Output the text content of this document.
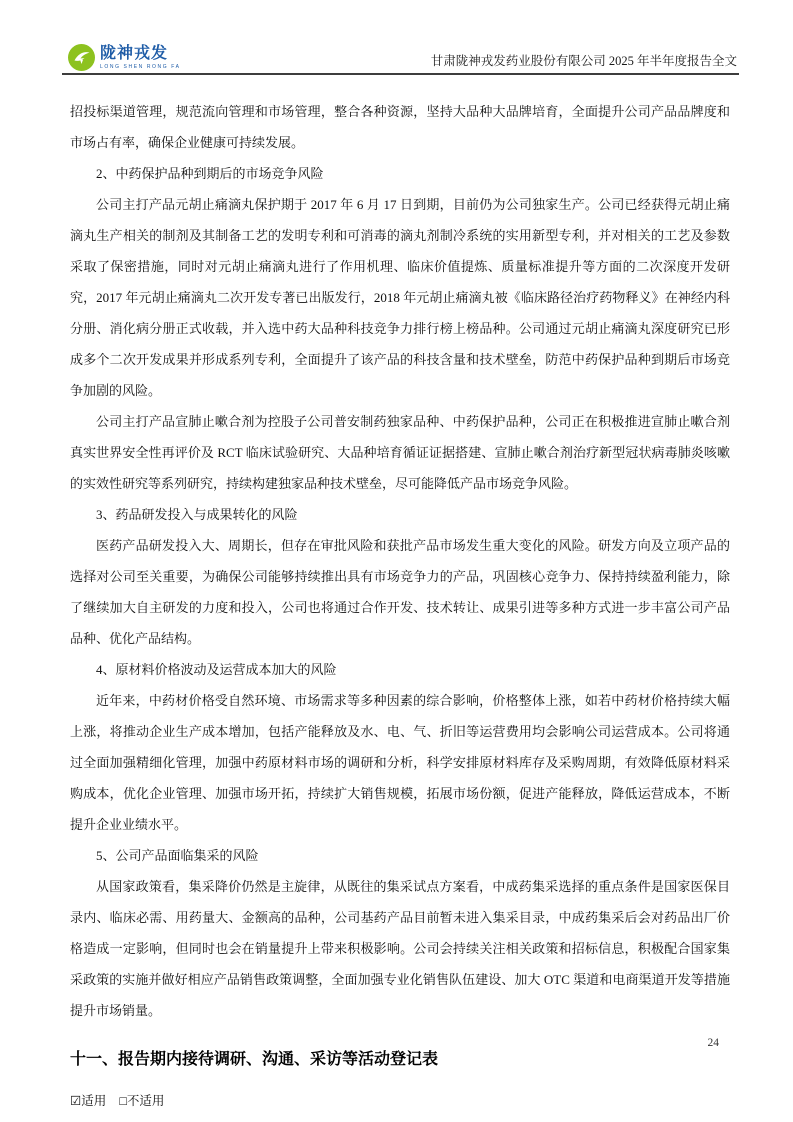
陇神戎发
LONG SHEN RONG FA	甘肃陇神戎发药业股份有限公司 2025 年半年度报告全文
招投标渠道管理，规范流向管理和市场管理，整合各种资源，坚持大品种大品牌培育，全面提升公司产品品牌度和市场占有率，确保企业健康可持续发展。
2、中药保护品种到期后的市场竞争风险
公司主打产品元胡止痛滴丸保护期于 2017 年 6 月 17 日到期，目前仍为公司独家生产。公司已经获得元胡止痛滴丸生产相关的制剂及其制备工艺的发明专利和可消毒的滴丸剂制冷系统的实用新型专利，并对相关的工艺及参数采取了保密措施，同时对元胡止痛滴丸进行了作用机理、临床价值提炼、质量标准提升等方面的二次深度开发研究，2017 年元胡止痛滴丸二次开发专著已出版发行，2018 年元胡止痛滴丸被《临床路径治疗药物释义》在神经内科分册、消化病分册正式收载，并入选中药大品种科技竞争力排行榜上榜品种。公司通过元胡止痛滴丸深度研究已形成多个二次开发成果并形成系列专利，全面提升了该产品的科技含量和技术壁垒，防范中药保护品种到期后市场竞争加剧的风险。
公司主打产品宣肺止嗽合剂为控股子公司普安制药独家品种、中药保护品种，公司正在积极推进宣肺止嗽合剂真实世界安全性再评价及 RCT 临床试验研究、大品种培育循证证据搭建、宣肺止嗽合剂治疗新型冠状病毒肺炎咳嗽的实效性研究等系列研究，持续构建独家品种技术壁垒，尽可能降低产品市场竞争风险。
3、药品研发投入与成果转化的风险
医药产品研发投入大、周期长，但存在审批风险和获批产品市场发生重大变化的风险。研发方向及立项产品的选择对公司至关重要，为确保公司能够持续推出具有市场竞争力的产品，巩固核心竞争力、保持持续盈利能力，除了继续加大自主研发的力度和投入，公司也将通过合作开发、技术转让、成果引进等多种方式进一步丰富公司产品品种、优化产品结构。
4、原材料价格波动及运营成本加大的风险
近年来，中药材价格受自然环境、市场需求等多种因素的综合影响，价格整体上涨，如若中药材价格持续大幅上涨，将推动企业生产成本增加，包括产能释放及水、电、气、折旧等运营费用均会影响公司运营成本。公司将通过全面加强精细化管理，加强中药原材料市场的调研和分析，科学安排原材料库存及采购周期，有效降低原材料采购成本，优化企业管理、加强市场开拓，持续扩大销售规模，拓展市场份额，促进产能释放，降低运营成本，不断提升企业业绩水平。
5、公司产品面临集采的风险
从国家政策看，集采降价仍然是主旋律，从既往的集采试点方案看，中成药集采选择的重点条件是国家医保目录内、临床必需、用药量大、金额高的品种，公司基药产品目前暂未进入集采目录，中成药集采后会对药品出厂价格造成一定影响，但同时也会在销量提升上带来积极影响。公司会持续关注相关政策和招标信息，积极配合国家集采政策的实施并做好相应产品销售政策调整，全面加强专业化销售队伍建设、加大 OTC 渠道和电商渠道开发等措施提升市场销量。
十一、报告期内接待调研、沟通、采访等活动登记表
☑适用 □不适用
24
